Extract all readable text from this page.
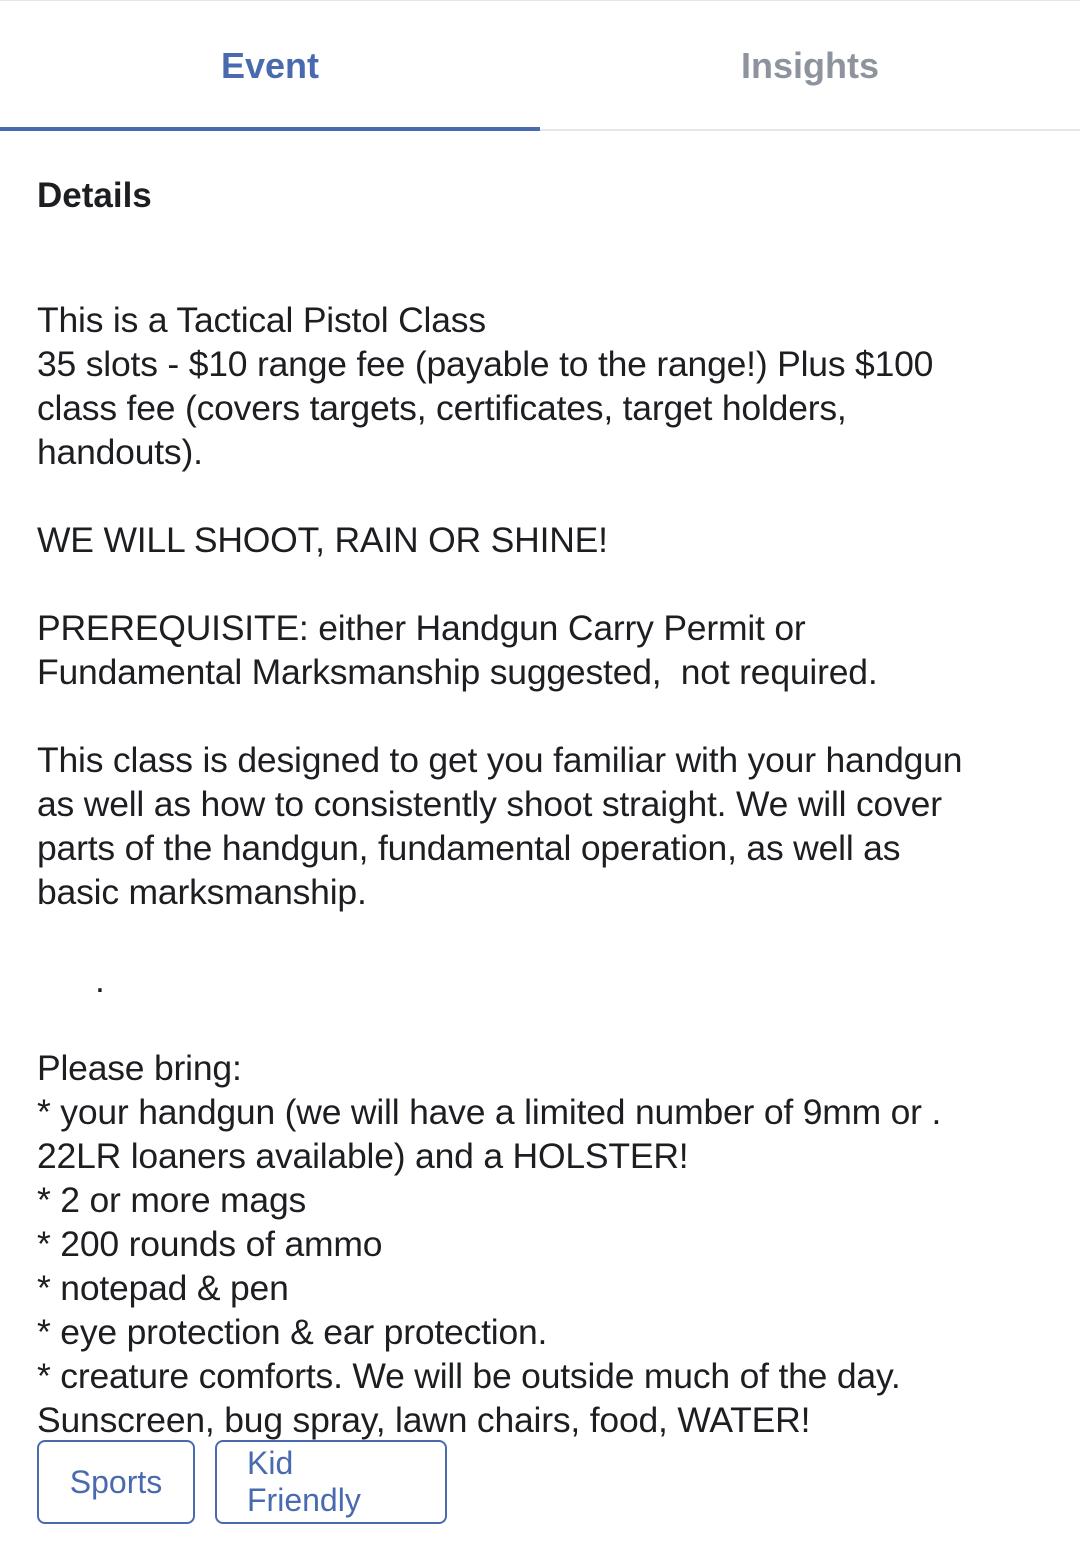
Event	Insights
Details

This is a Tactical Pistol Class
35 slots - $10 range fee (payable to the range!) Plus $100
class fee (covers targets, certificates, target holders,
handouts).

WE WILL SHOOT, RAIN OR SHINE!

PREREQUISITE: either Handgun Carry Permit or
Fundamental Marksmanship suggested,  not required.

This class is designed to get you familiar with your handgun
as well as how to consistently shoot straight. We will cover
parts of the handgun, fundamental operation, as well as
basic marksmanship.

.

Please bring:
* your handgun (we will have a limited number of 9mm or .
22LR loaners available) and a HOLSTER!
* 2 or more mags
* 200 rounds of ammo
* notepad & pen
* eye protection & ear protection.
* creature comforts. We will be outside much of the day.
Sunscreen, bug spray, lawn chairs, food, WATER!

Sports
Kid Friendly
